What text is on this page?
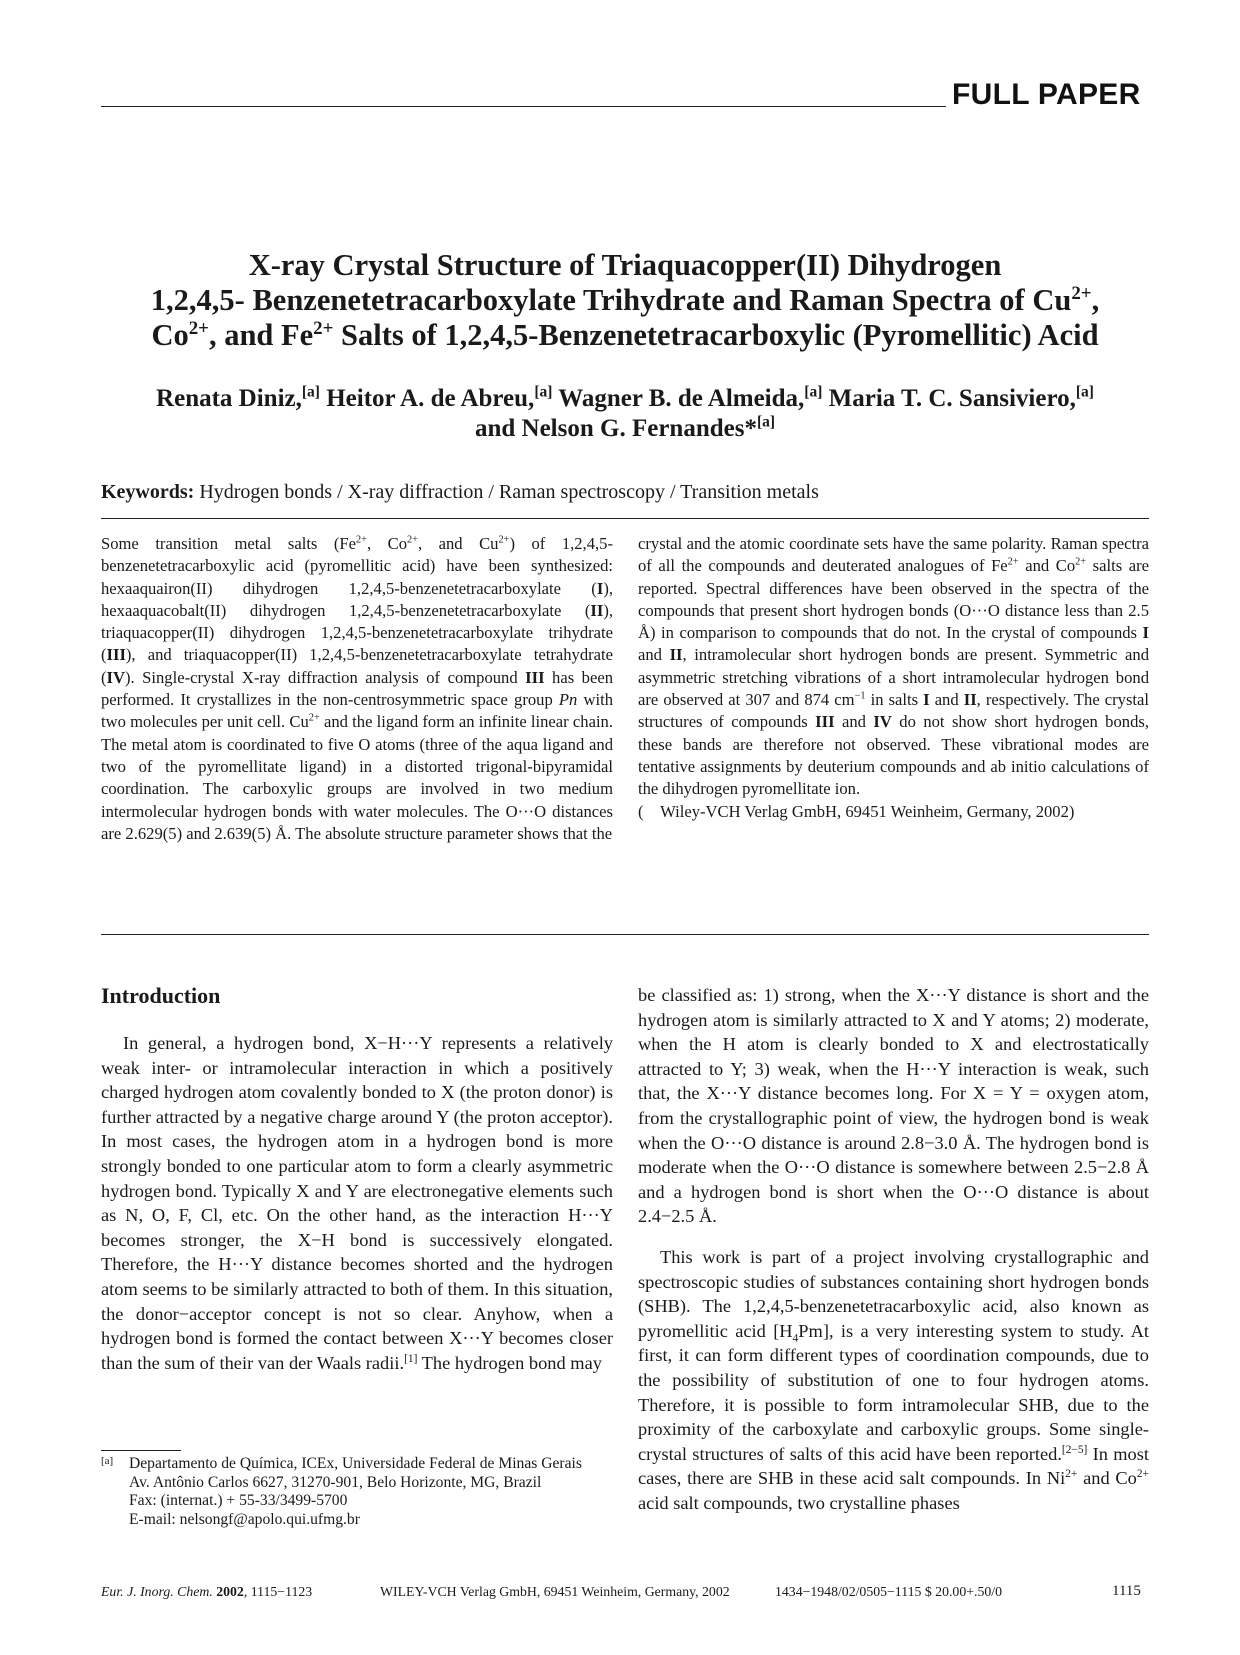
FULL PAPER
X-ray Crystal Structure of Triaquacopper(II) Dihydrogen
1,2,4,5- Benzenetetracarboxylate Trihydrate and Raman Spectra of $Cu^{2+}$,
$Co^{2+}$, and $Fe^{2+}$ Salts of 1,2,4,5-Benzenetetracarboxylic (Pyromellitic) Acid
Renata Diniz,[a] Heitor A. de Abreu,[a] Wagner B. de Almeida,[a] Maria T. C. Sansiviero,[a]
and Nelson G. Fernandes*[a]
Keywords: Hydrogen bonds / X-ray diffraction / Raman spectroscopy / Transition metals
Some transition metal salts ($Fe^{2+}$, $Co^{2+}$, and $Cu^{2+}$) of 1,2,4,5-benzenetetracarboxylic acid (pyromellitic acid) have been synthesized: hexaaquairon(II) dihydrogen 1,2,4,5-benzenetetracarboxylate (I), hexaaquacobalt(II) dihydrogen 1,2,4,5-benzenetetracarboxylate (II), triaquacopper(II) dihydrogen 1,2,4,5-benzenetetracarboxylate trihydrate (III), and triaquacopper(II) 1,2,4,5-benzenetetracarboxylate tetrahydrate (IV). Single-crystal X-ray diffraction analysis of compound III has been performed. It crystallizes in the non-centrosymmetric space group Pn with two molecules per unit cell. $Cu^{2+}$ and the ligand form an infinite linear chain. The metal atom is coordinated to five O atoms (three of the aqua ligand and two of the pyromellitate ligand) in a distorted trigonal-bipyramidal coordination. The carboxylic groups are involved in two medium intermolecular hydrogen bonds with water molecules. The O···O distances are 2.629(5) and 2.639(5) Å. The absolute structure parameter shows that the
crystal and the atomic coordinate sets have the same polarity. Raman spectra of all the compounds and deuterated analogues of $Fe^{2+}$ and $Co^{2+}$ salts are reported. Spectral differences have been observed in the spectra of the compounds that present short hydrogen bonds (O···O distance less than 2.5 Å) in comparison to compounds that do not. In the crystal of compounds I and II, intramolecular short hydrogen bonds are present. Symmetric and asymmetric stretching vibrations of a short intramolecular hydrogen bond are observed at 307 and 874 $cm^{-1}$ in salts I and II, respectively. The crystal structures of compounds III and IV do not show short hydrogen bonds, these bands are therefore not observed. These vibrational modes are tentative assignments by deuterium compounds and ab initio calculations of the dihydrogen pyromellitate ion.
( Wiley-VCH Verlag GmbH, 69451 Weinheim, Germany, 2002)
Introduction

In general, a hydrogen bond, X−H···Y represents a relatively weak inter- or intramolecular interaction in which a positively charged hydrogen atom covalently bonded to X (the proton donor) is further attracted by a negative charge around Y (the proton acceptor). In most cases, the hydrogen atom in a hydrogen bond is more strongly bonded to one particular atom to form a clearly asymmetric hydrogen bond. Typically X and Y are electronegative elements such as N, O, F, Cl, etc. On the other hand, as the interaction H···Y becomes stronger, the X−H bond is successively elongated. Therefore, the H···Y distance becomes shorted and the hydrogen atom seems to be similarly attracted to both of them. In this situation, the donor−acceptor concept is not so clear. Anyhow, when a hydrogen bond is formed the contact between X···Y becomes closer than the sum of their van der Waals radii.[1] The hydrogen bond may

be classified as: 1) strong, when the X···Y distance is short and the hydrogen atom is similarly attracted to X and Y atoms; 2) moderate, when the H atom is clearly bonded to X and electrostatically attracted to Y; 3) weak, when the H···Y interaction is weak, such that, the X···Y distance becomes long. For X = Y = oxygen atom, from the crystallographic point of view, the hydrogen bond is weak when the O···O distance is around 2.8−3.0 Å. The hydrogen bond is moderate when the O···O distance is somewhere between 2.5−2.8 Å and a hydrogen bond is short when the O···O distance is about 2.4−2.5 Å.

This work is part of a project involving crystallographic and spectroscopic studies of substances containing short hydrogen bonds (SHB). The 1,2,4,5-benzenetetracarboxylic acid, also known as pyromellitic acid $[H_4Pm]$, is a very interesting system to study. At first, it can form different types of coordination compounds, due to the possibility of substitution of one to four hydrogen atoms. Therefore, it is possible to form intramolecular SHB, due to the proximity of the carboxylate and carboxylic groups. Some single-crystal structures of salts of this acid have been reported.[2−5] In most cases, there are SHB in these acid salt compounds. In $Ni^{2+}$ and $Co^{2+}$ acid salt compounds, two crystalline phases

[a] Departamento de Química, ICEx, Universidade Federal de Minas Gerais
Av. Antônio Carlos 6627, 31270-901, Belo Horizonte, MG, Brazil
Fax: (internat.) + 55-33/3499-5700
E-mail: nelsongf@apolo.qui.ufmg.br
Eur. J. Inorg. Chem. 2002, 1115−1123	WILEY-VCH Verlag GmbH, 69451 Weinheim, Germany, 2002	1434−1948/02/0505−1115 $ 20.00+.50/0	1115
